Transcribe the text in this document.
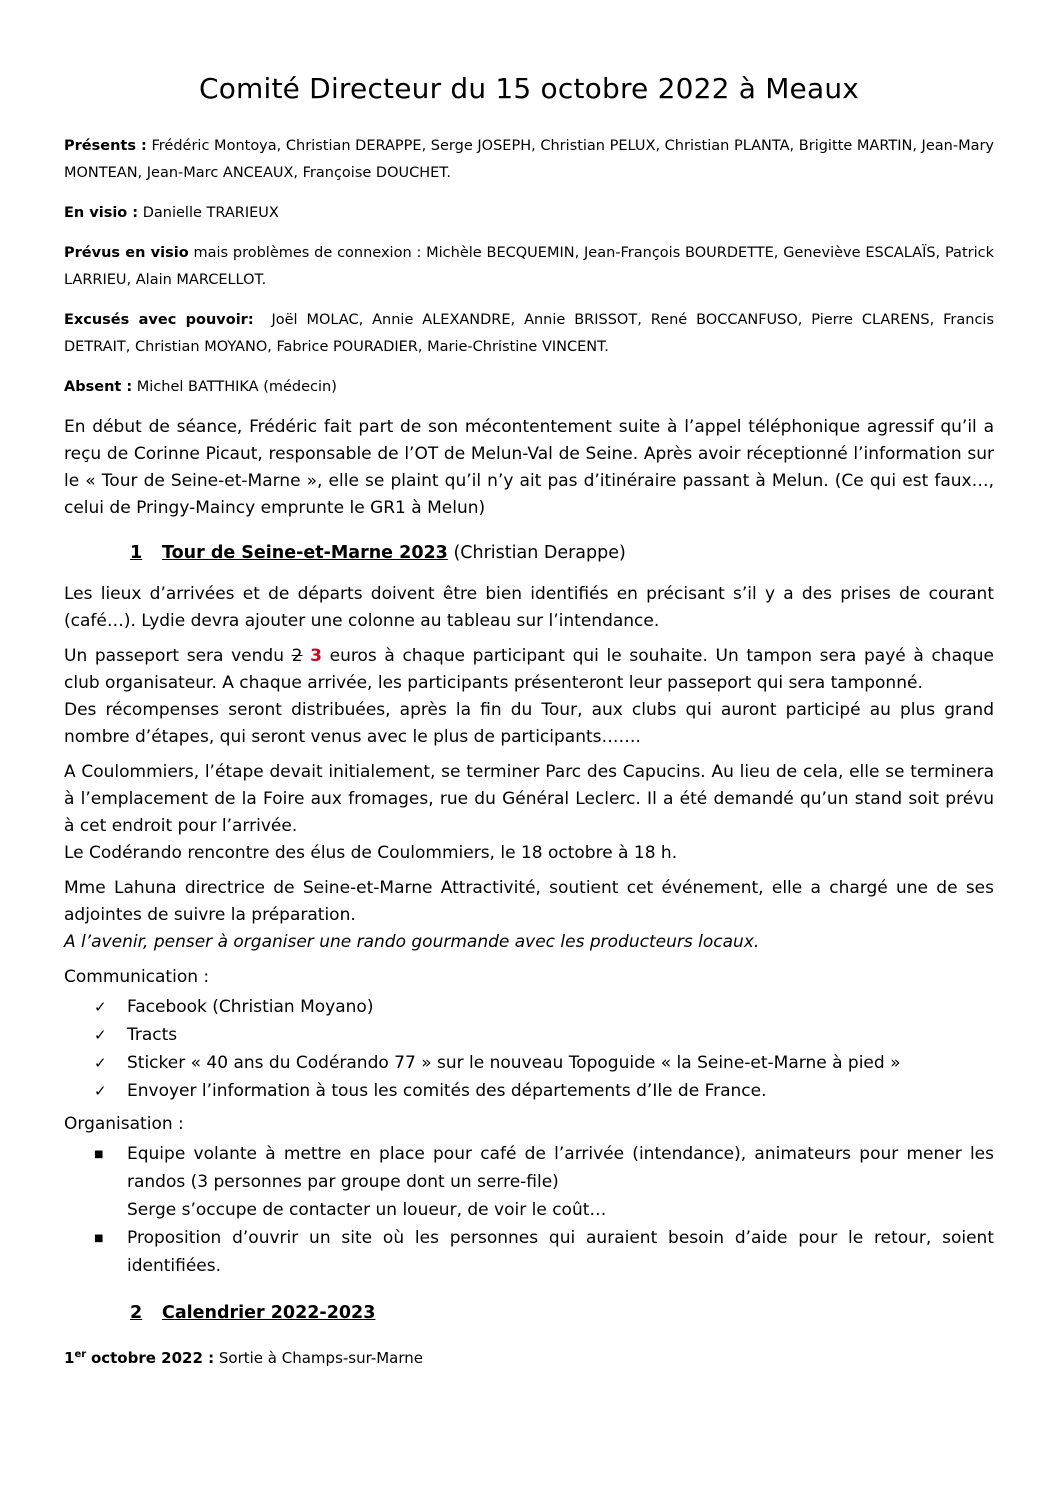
Comité Directeur du 15 octobre 2022 à Meaux

Présents : Frédéric Montoya, Christian DERAPPE, Serge JOSEPH, Christian PELUX, Christian PLANTA, Brigitte MARTIN, Jean-Mary MONTEAN, Jean-Marc ANCEAUX, Françoise DOUCHET.

En visio : Danielle TRARIEUX

Prévus en visio mais problèmes de connexion : Michèle BECQUEMIN, Jean-François BOURDETTE, Geneviève ESCALAÏS, Patrick LARRIEU, Alain MARCELLOT.

Excusés avec pouvoir: Joël MOLAC, Annie ALEXANDRE, Annie BRISSOT, René BOCCANFUSO, Pierre CLARENS, Francis DETRAIT, Christian MOYANO, Fabrice POURADIER, Marie-Christine VINCENT.

Absent : Michel BATTHIKA (médecin)

En début de séance, Frédéric fait part de son mécontentement suite à l’appel téléphonique agressif qu’il a reçu de Corinne Picaut, responsable de l’OT de Melun-Val de Seine. Après avoir réceptionné l’information sur le « Tour de Seine-et-Marne », elle se plaint qu’il n’y ait pas d’itinéraire passant à Melun. (Ce qui est faux…, celui de Pringy-Maincy emprunte le GR1 à Melun)

1 Tour de Seine-et-Marne 2023 (Christian Derappe)

Les lieux d’arrivées et de départs doivent être bien identifiés en précisant s’il y a des prises de courant (café…). Lydie devra ajouter une colonne au tableau sur l’intendance.

Un passeport sera vendu 2 3 euros à chaque participant qui le souhaite. Un tampon sera payé à chaque club organisateur. A chaque arrivée, les participants présenteront leur passeport qui sera tamponné.

Des récompenses seront distribuées, après la fin du Tour, aux clubs qui auront participé au plus grand nombre d’étapes, qui seront venus avec le plus de participants…….

A Coulommiers, l’étape devait initialement, se terminer Parc des Capucins. Au lieu de cela, elle se terminera à l’emplacement de la Foire aux fromages, rue du Général Leclerc. Il a été demandé qu’un stand soit prévu à cet endroit pour l’arrivée.

Le Codérando rencontre des élus de Coulommiers, le 18 octobre à 18 h.

Mme Lahuna directrice de Seine-et-Marne Attractivité, soutient cet événement, elle a chargé une de ses adjointes de suivre la préparation.

A l’avenir, penser à organiser une rando gourmande avec les producteurs locaux.

Communication :
✓ Facebook (Christian Moyano)
✓ Tracts
✓ Sticker « 40 ans du Codérando 77 » sur le nouveau Topoguide « la Seine-et-Marne à pied »
✓ Envoyer l’information à tous les comités des départements d’Ile de France.
Organisation :
■ Equipe volante à mettre en place pour café de l’arrivée (intendance), animateurs pour mener les randos (3 personnes par groupe dont un serre-file)
Serge s’occupe de contacter un loueur, de voir le coût…
■ Proposition d’ouvrir un site où les personnes qui auraient besoin d’aide pour le retour, soient identifiées.
2 Calendrier 2022-2023

1er octobre 2022 : Sortie à Champs-sur-Marne
